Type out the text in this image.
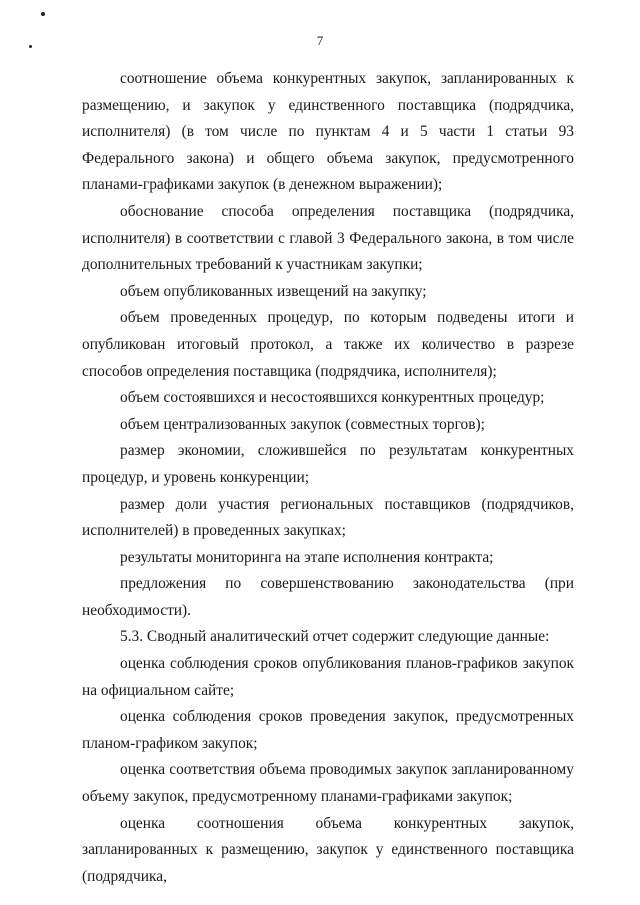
7

соотношение объема конкурентных закупок, запланированных к размещению, и закупок у единственного поставщика (подрядчика, исполнителя) (в том числе по пунктам 4 и 5 части 1 статьи 93 Федерального закона) и общего объема закупок, предусмотренного планами-графиками закупок (в денежном выражении);

обоснование способа определения поставщика (подрядчика, исполнителя) в соответствии с главой 3 Федерального закона, в том числе дополнительных требований к участникам закупки;

объем опубликованных извещений на закупку;

объем проведенных процедур, по которым подведены итоги и опубликован итоговый протокол, а также их количество в разрезе способов определения поставщика (подрядчика, исполнителя);

объем состоявшихся и несостоявшихся конкурентных процедур;

объем централизованных закупок (совместных торгов);

размер экономии, сложившейся по результатам конкурентных процедур, и уровень конкуренции;

размер доли участия региональных поставщиков (подрядчиков, исполнителей) в проведенных закупках;

результаты мониторинга на этапе исполнения контракта;

предложения по совершенствованию законодательства (при необходимости).

5.3. Сводный аналитический отчет содержит следующие данные:

оценка соблюдения сроков опубликования планов-графиков закупок на официальном сайте;

оценка соблюдения сроков проведения закупок, предусмотренных планом-графиком закупок;

оценка соответствия объема проводимых закупок запланированному объему закупок, предусмотренному планами-графиками закупок;

оценка соотношения объема конкурентных закупок, запланированных к размещению, закупок у единственного поставщика (подрядчика,
